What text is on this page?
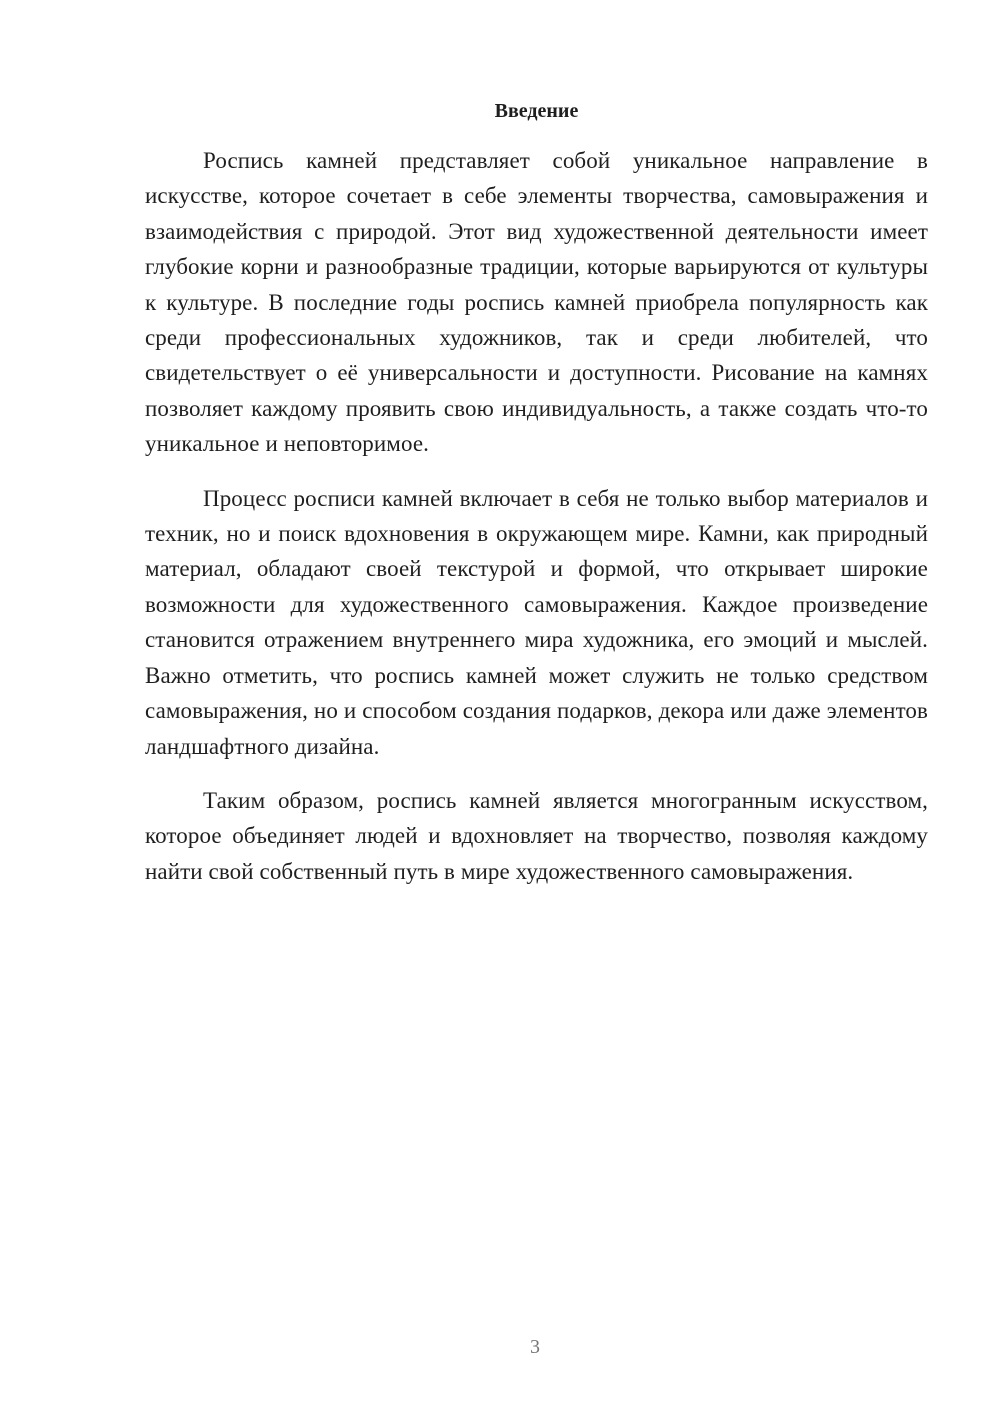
Введение

Роспись камней представляет собой уникальное направление в искусстве, которое сочетает в себе элементы творчества, самовыражения и взаимодействия с природой. Этот вид художественной деятельности имеет глубокие корни и разнообразные традиции, которые варьируются от культуры к культуре. В последние годы роспись камней приобрела популярность как среди профессиональных художников, так и среди любителей, что свидетельствует о её универсальности и доступности. Рисование на камнях позволяет каждому проявить свою индивидуальность, а также создать что-то уникальное и неповторимое.

Процесс росписи камней включает в себя не только выбор материалов и техник, но и поиск вдохновения в окружающем мире. Камни, как природный материал, обладают своей текстурой и формой, что открывает широкие возможности для художественного самовыражения. Каждое произведение становится отражением внутреннего мира художника, его эмоций и мыслей. Важно отметить, что роспись камней может служить не только средством самовыражения, но и способом создания подарков, декора или даже элементов ландшафтного дизайна.

Таким образом, роспись камней является многогранным искусством, которое объединяет людей и вдохновляет на творчество, позволяя каждому найти свой собственный путь в мире художественного самовыражения.

3
